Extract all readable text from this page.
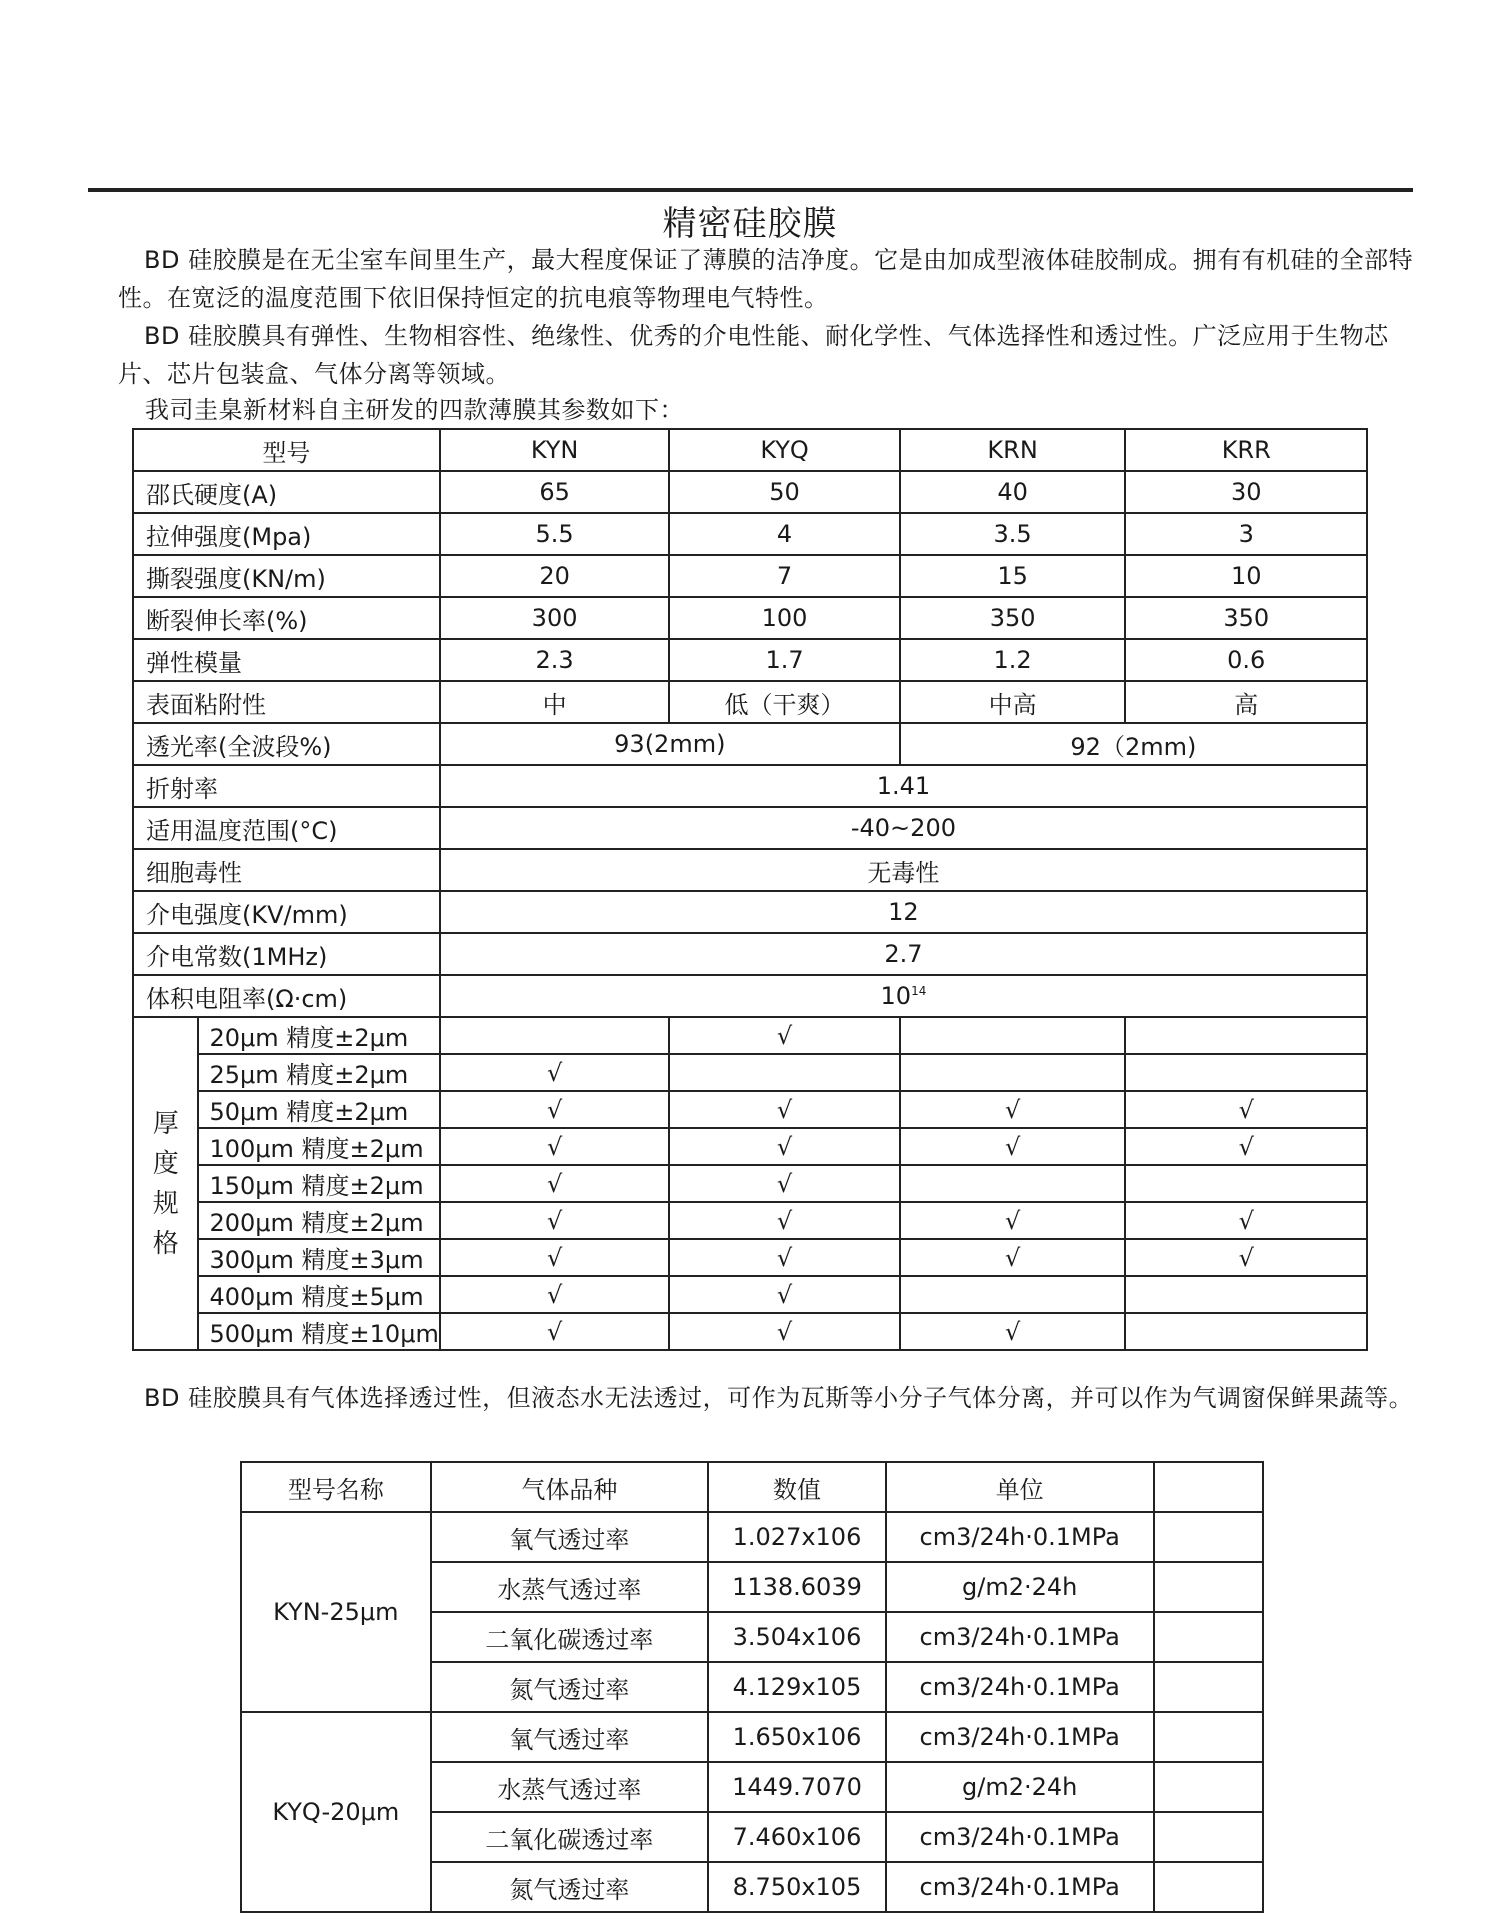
精密硅胶膜
BD 硅胶膜是在无尘室车间里生产，最大程度保证了薄膜的洁净度。它是由加成型液体硅胶制成。拥有有机硅的全部特性。在宽泛的温度范围下依旧保持恒定的抗电痕等物理电气特性。
BD 硅胶膜具有弹性、生物相容性、绝缘性、优秀的介电性能、耐化学性、气体选择性和透过性。广泛应用于生物芯片、芯片包装盒、气体分离等领域。
我司圭臬新材料自主研发的四款薄膜其参数如下：
型号		KYN	KYQ	KRN	KRR
邵氏硬度(A)		65	50	40	30
拉伸强度(Mpa)		5.5	4	3.5	3
撕裂强度(KN/m)		20	7	15	10
断裂伸长率(%)		300	100	350	350
弹性模量		2.3	1.7	1.2	0.6
表面粘附性		中	低（干爽）	中高	高
透光率(全波段%)		93(2mm)		92（2mm)	
折射率		1.41			
适用温度范围(°C)		-40~200			
细胞毒性		无毒性			
介电强度(KV/mm)		12			
介电常数(1MHz)		2.7			
体积电阻率(Ω·cm)		$10^{14}$

厚
度
规
格	20μm 精度±2μm		√		
	25μm 精度±2μm	√			
	50μm 精度±2μm	√	√	√	√
	100μm 精度±2μm	√	√	√	√
	150μm 精度±2μm	√	√		
	200μm 精度±2μm	√	√	√	√
	300μm 精度±3μm	√	√	√	√
	400μm 精度±5μm	√	√		
	500μm 精度±10μm	√	√	√	
BD 硅胶膜具有气体选择透过性，但液态水无法透过，可作为瓦斯等小分子气体分离，并可以作为气调窗保鲜果蔬等。
型号名称	气体品种	数值	单位	
KYN-25μm	氧气透过率	1.027x106	cm3/24h·0.1MPa	
	水蒸气透过率	1138.6039	g/m2·24h	
	二氧化碳透过率	3.504x106	cm3/24h·0.1MPa	
	氮气透过率	4.129x105	cm3/24h·0.1MPa	
KYQ-20μm	氧气透过率	1.650x106	cm3/24h·0.1MPa	
	水蒸气透过率	1449.7070	g/m2·24h	
	二氧化碳透过率	7.460x106	cm3/24h·0.1MPa	
	氮气透过率	8.750x105	cm3/24h·0.1MPa	
